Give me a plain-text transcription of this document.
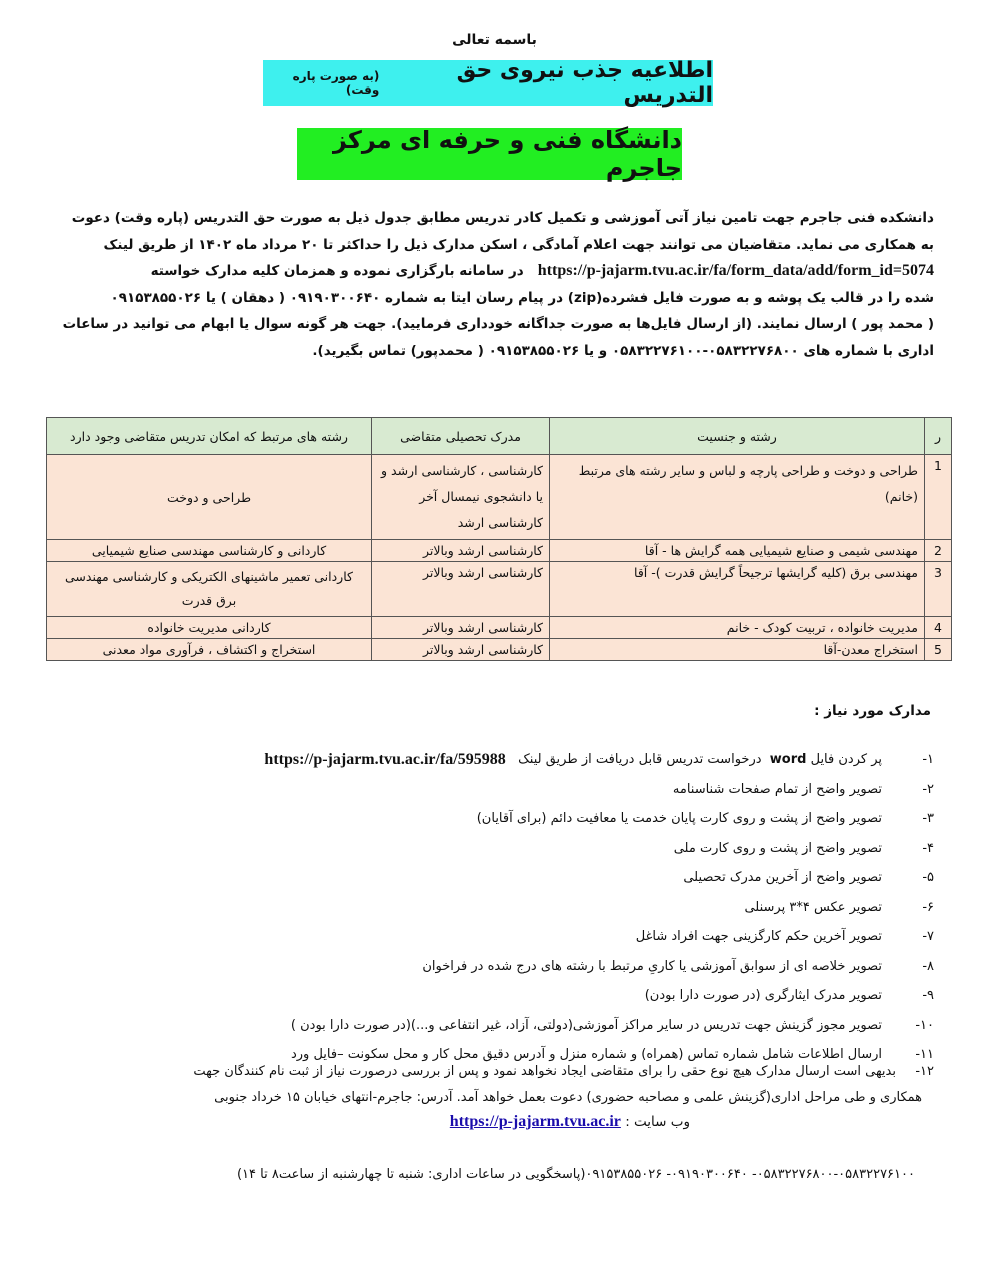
باسمه تعالی
اطلاعیه جذب نیروی حق التدریس
(به صورت پاره وقت)
دانشگاه فنی و حرفه ای مرکز جاجرم
دانشکده فنی جاجرم جهت تامین نیاز آتی آموزشی و تکمیل کادر تدریس مطابق جدول ذیل به صورت حق التدریس (پاره وقت) دعوت
به همکاری می نماید. متقاضیان می توانند جهت اعلام آمادگی ، اسکن مدارک ذیل را حداکثر تا ۲۰ مرداد ماه ۱۴۰۲ از طریق لینک
https://p-jajarm.tvu.ac.ir/fa/form_data/add/form_id=5074   در سامانه بارگزاری نموده و همزمان کلیه مدارک خواسته
شده را در قالب یک پوشه و به صورت فایل فشرده(zip) در پیام رسان ایتا به شماره ۰۹۱۹۰۳۰۰۶۴۰ ( دهقان ) یا ۰۹۱۵۳۸۵۵۰۲۶
( محمد پور ) ارسال نمایند. (از ارسال فایل‌ها به صورت جداگانه خودداری فرمایید). جهت هر گونه سوال یا ابهام می توانید در ساعات
اداری با شماره های ۰۵۸۳۲۲۷۶۸۰۰-۰۵۸۳۲۲۷۶۱۰۰ و یا ۰۹۱۵۳۸۵۵۰۲۶ ( محمدپور) تماس بگیرید).
ر	رشته و جنسیت	مدرک تحصیلی متقاضی	رشته های مرتبط که امکان تدریس متقاضی وجود دارد
1	طراحی و دوخت و طراحی پارچه و لباس و سایر رشته های مرتبط (خانم)	کارشناسی ، کارشناسی ارشد و یا دانشجوی نیمسال آخر کارشناسی ارشد	طراحی و دوخت
2	مهندسی شیمی و صنایع شیمیایی همه گرایش ها - آقا	کارشناسی ارشد وبالاتر	کاردانی و کارشناسی مهندسی صنایع شیمیایی
3	مهندسی برق (کلیه گرایشها ترجیحاً گرایش قدرت )- آقا	کارشناسی ارشد وبالاتر	کاردانی تعمیر ماشینهای الکتریکی و کارشناسی مهندسی برق قدرت
4	مدیریت خانواده ، تربیت کودک - خانم	کارشناسی ارشد وبالاتر	کاردانی مدیریت خانواده
5	استخراج معدن-آقا	کارشناسی ارشد وبالاتر	استخراج و اکتشاف ، فرآوری مواد معدنی
مدارک مورد نیاز :
۱-
پر کردن فایل

word

درخواست تدریس قابل دریافت از طریق لینک

https://p-jajarm.tvu.ac.ir/fa/595988
۲-
تصویر واضح از تمام صفحات شناسنامه
۳-
تصویر واضح از پشت و روی کارت پایان خدمت یا معافیت دائم (برای آقایان)
۴-
تصویر واضح از پشت و روی کارت ملی
۵-
تصویر واضح از آخرین مدرک تحصیلی
۶-
تصویر عکس ۴*۳ پرسنلی
۷-
تصویر آخرین حکم کارگزینی جهت افراد شاغل
۸-
تصویر خلاصه ای از سوابق آموزشی یا کاریِ مرتبط با رشته های درج شده در فراخوان
۹-
تصویر مدرک ایثارگری (در صورت دارا بودن)
۱۰-
تصویر مجوز گزینش جهت تدریس در سایر مراکز آموزشی(دولتی، آزاد، غیر انتفاعی و...)(در صورت دارا بودن )
۱۱-
ارسال اطلاعات شامل شماره تماس (همراه) و شماره منزل و آدرس دقیق محل کار و محل سکونت –فایل ورد
۱۲-بدیهی است ارسال مدارک هیچ نوع حقی را برای متقاضی ایجاد نخواهد نمود و پس از بررسی درصورت نیاز از ثبت نام کنندگان جهت
همکاری و طی مراحل اداری(گزینش علمی و مصاحبه حضوری) دعوت بعمل خواهد آمد. آدرس: جاجرم-انتهای خیابان ۱۵ خرداد جنوبی
وب سایت : https://p-jajarm.tvu.ac.ir
۰۵۸۳۲۲۷۶۸۰۰-۰۵۸۳۲۲۷۶۱۰۰- ۰۹۱۹۰۳۰۰۶۴۰- ۰۹۱۵۳۸۵۵۰۲۶(پاسخگویی در ساعات اداری: شنبه تا چهارشنبه از ساعت۸ تا ۱۴)
